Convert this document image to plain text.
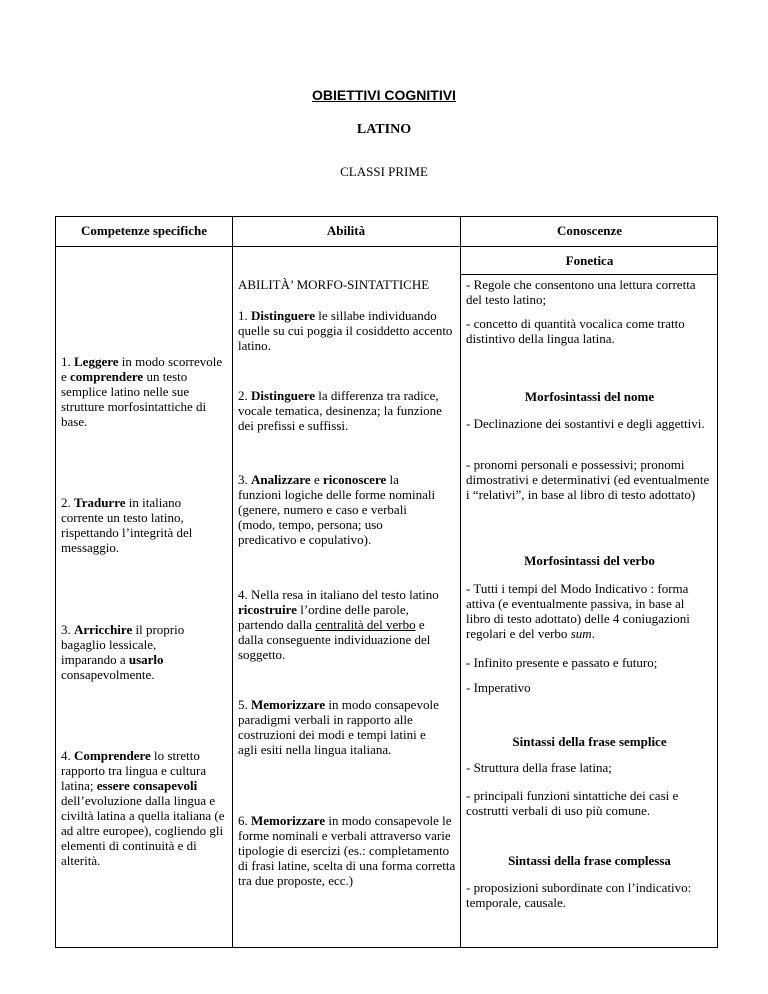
OBIETTIVI COGNITIVI
LATINO
CLASSI PRIME
Competenze specifiche	Abilità	Conoscenze
1. Leggere in modo scorrevole e comprendere un testo semplice latino nelle sue strutture morfosintattiche di base.
2. Tradurre in italiano corrente un testo latino, rispettando l’integrità del messaggio.
3. Arricchire il proprio bagaglio lessicale, imparando a usarlo consapevolmente.
4. Comprendere lo stretto rapporto tra lingua e cultura latina; essere consapevoli dell’evoluzione dalla lingua e civiltà latina a quella italiana (e ad altre europee), cogliendo gli elementi di continuità e di alterità.
ABILITÀ’ MORFO-SINTATTICHE
1. Distinguere le sillabe individuando quelle su cui poggia il cosiddetto accento latino.
2. Distinguere la differenza tra radice, vocale tematica, desinenza; la funzione dei prefissi e suffissi.
3. Analizzare e riconoscere la funzioni logiche delle forme nominali (genere, numero e caso e verbali (modo, tempo, persona; uso predicativo e copulativo).
4. Nella resa in italiano del testo latino ricostruire l’ordine delle parole, partendo dalla centralità del verbo e dalla conseguente individuazione del soggetto.
5. Memorizzare in modo consapevole paradigmi verbali in rapporto alle costruzioni dei modi e tempi latini e agli esiti nella lingua italiana.
6. Memorizzare in modo consapevole le forme nominali e verbali attraverso varie tipologie di esercizi (es.: completamento di frasi latine, scelta di una forma corretta tra due proposte, ecc.)
Fonetica
- Regole che consentono una lettura corretta del testo latino;
- concetto di quantità vocalica come tratto distintivo della lingua latina.
Morfosintassi del nome
- Declinazione dei sostantivi e degli aggettivi.
- pronomi personali e possessivi; pronomi dimostrativi e determinativi (ed eventualmente i “relativi”, in base al libro di testo adottato)
Morfosintassi del verbo
- Tutti i tempi del Modo Indicativo : forma attiva (e eventualmente passiva, in base al libro di testo adottato) delle 4 coniugazioni regolari e del verbo sum.
- Infinito presente e passato e futuro;
- Imperativo
Sintassi della frase semplice
- Struttura della frase latina;
- principali funzioni sintattiche dei casi e costrutti verbali di uso più comune.
Sintassi della frase complessa
- proposizioni subordinate con l’indicativo: temporale, causale.
